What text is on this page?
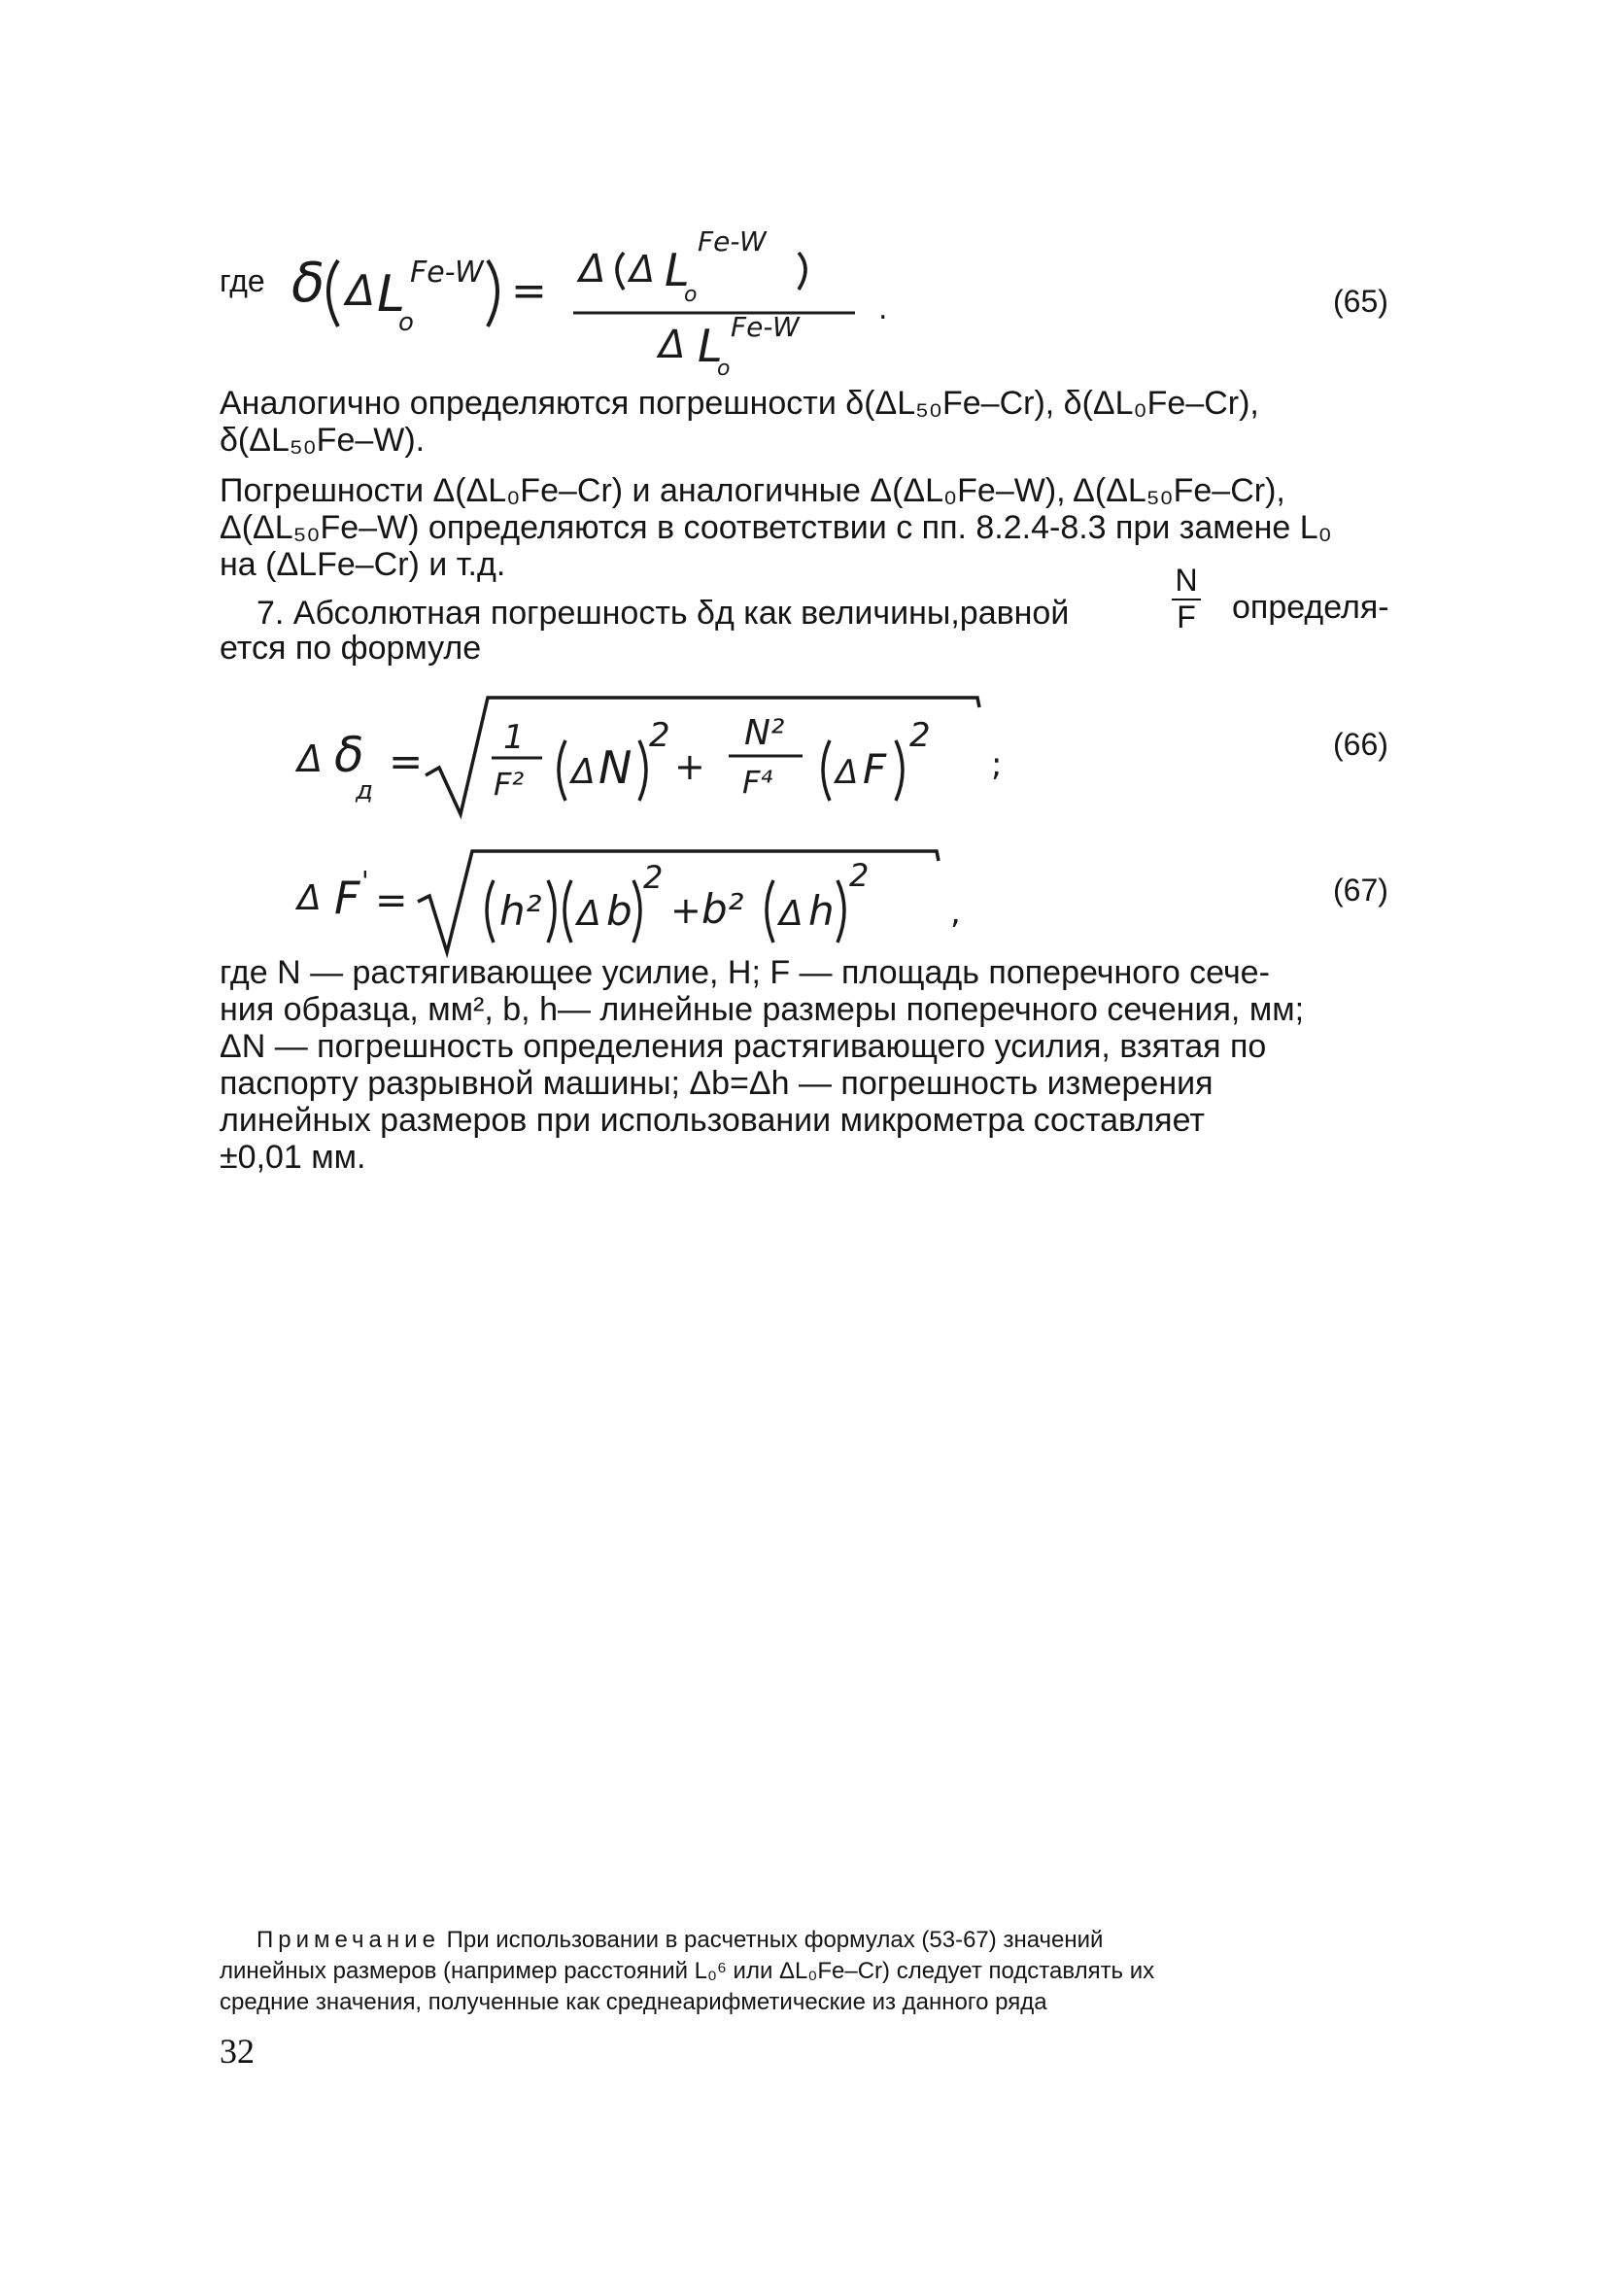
где δ Δ L
o
Fe-W = Δ Δ L
o
Fe-W
Δ L
o
Fe-W
.	(65)
Аналогично определяются погрешности δ(ΔL₅₀Fe–Cr), δ(ΔL₀Fe–Cr),
δ(ΔL₅₀Fe–W).
Погрешности Δ(ΔL₀Fe–Cr) и аналогичные Δ(ΔL₀Fe–W), Δ(ΔL₅₀Fe–Cr),
Δ(ΔL₅₀Fe–W) определяются в соответствии с пп. 8.2.4-8.3 при замене L₀
на (ΔLFe–Cr) и т.д.
7. Абсолютная погрешность δд как величины,равной
N
F определя-
ется по формуле
Δ δ
д
= 1
F² Δ N
2
+
N²
F⁴ Δ F
2
;
(66)
Δ F ' = h² Δ b
2
+ b² Δ h
2
,
(67)
где N — растягивающее усилие, Н; F — площадь поперечного сече-
ния образца, мм², b, h— линейные размеры поперечного сечения, мм;
ΔN — погрешность определения растягивающего усилия, взятая по
паспорту разрывной машины; Δb=Δh — погрешность измерения
линейных размеров при использовании микрометра составляет
±0,01 мм.
Примечание При использовании в расчетных формулах (53-67) значений
линейных размеров (например расстояний L₀⁶ или ΔL₀Fe–Cr) следует подставлять их
средние значения, полученные как среднеарифметические из данного ряда
32
